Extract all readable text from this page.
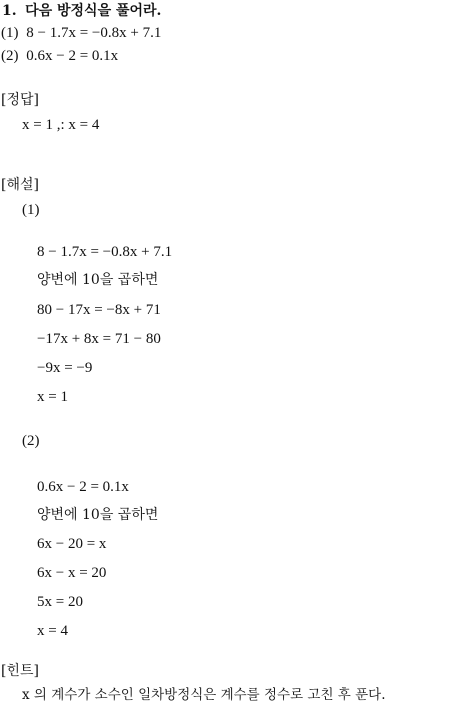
1. 다음 방정식을 풀어라.
(1) 8 − 1.7x = −0.8x + 7.1
(2) 0.6x − 2 = 0.1x
[정답]
x = 1 ,: x = 4
[해설]
(1)
8 − 1.7x = −0.8x + 7.1
양변에 10을 곱하면
80 − 17x = −8x + 71
−17x + 8x = 71 − 80
−9x = −9
x = 1
(2)
0.6x − 2 = 0.1x
양변에 10을 곱하면
6x − 20 = x
6x − x = 20
5x = 20
x = 4
[힌트]
x 의 계수가 소수인 일차방정식은 계수를 정수로 고친 후 푼다.
